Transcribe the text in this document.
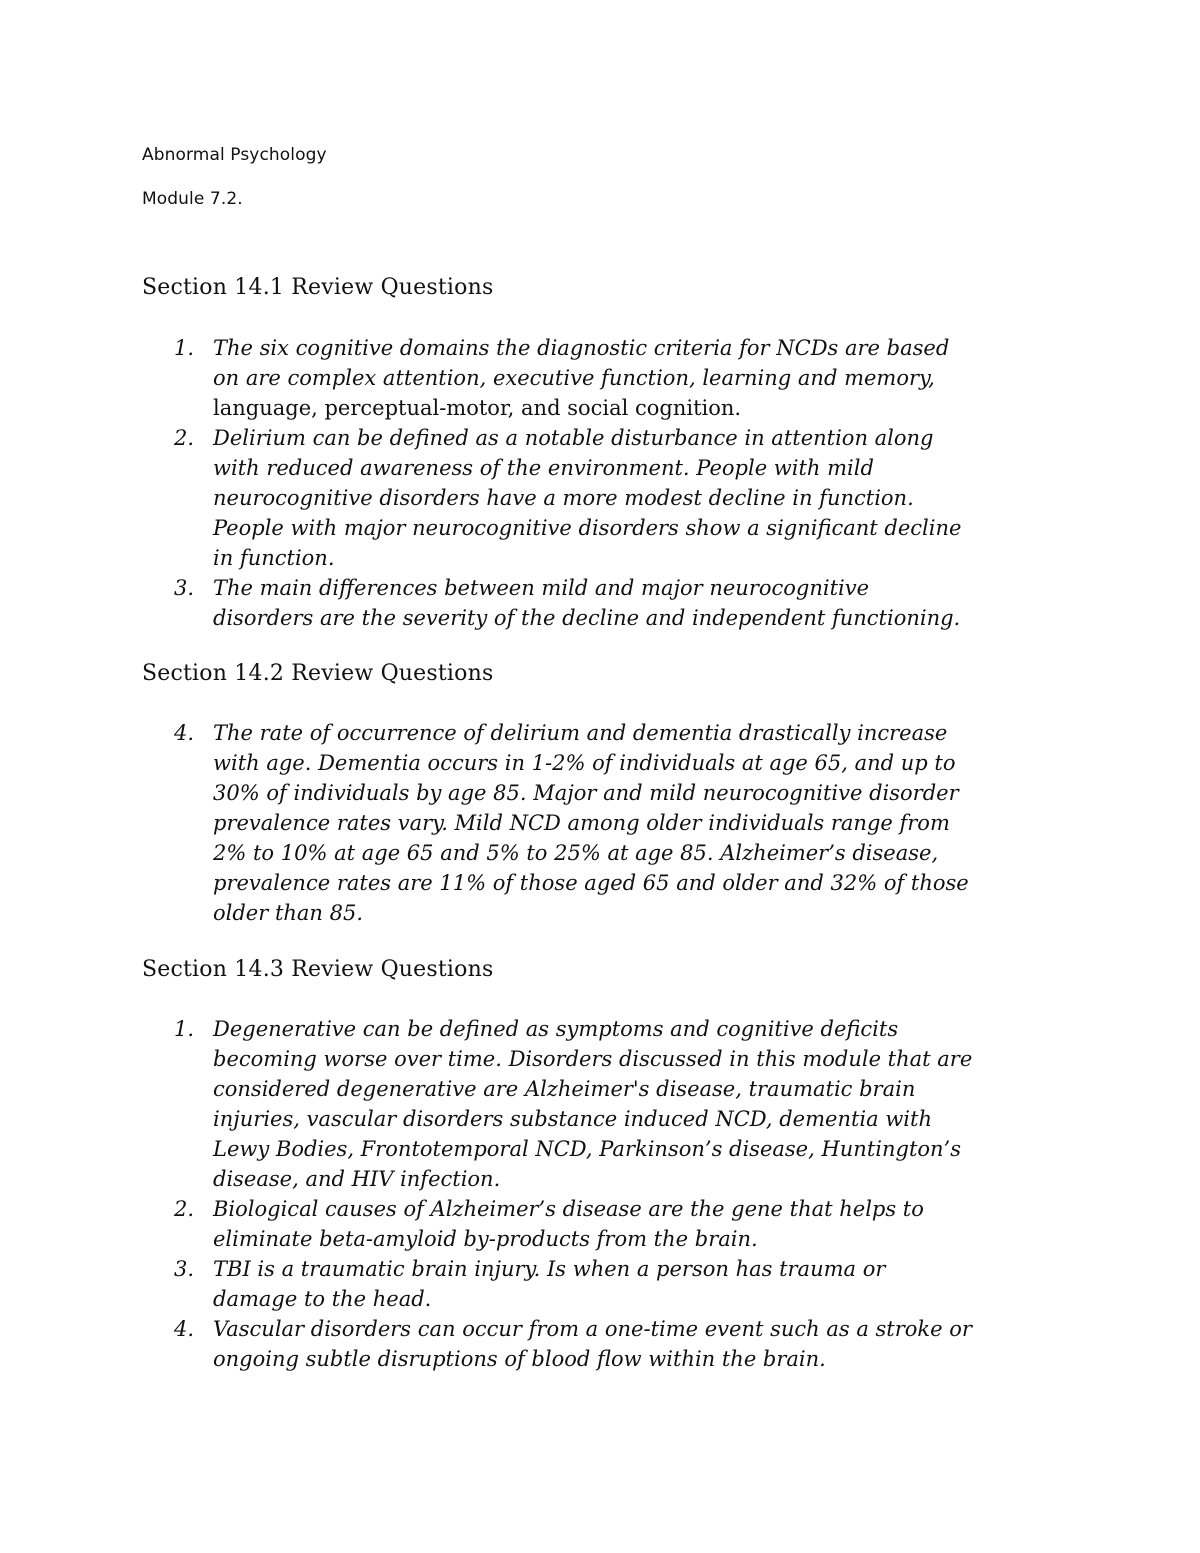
Abnormal Psychology
Module 7.2.
Section 14.1 Review Questions
1. The six cognitive domains the diagnostic criteria for NCDs are based
on are complex attention, executive function, learning and memory,
language, perceptual-motor, and social cognition.
2. Delirium can be defined as a notable disturbance in attention along
with reduced awareness of the environment. People with mild
neurocognitive disorders have a more modest decline in function.
People with major neurocognitive disorders show a significant decline
in function.
3. The main differences between mild and major neurocognitive
disorders are the severity of the decline and independent functioning.
Section 14.2 Review Questions
4. The rate of occurrence of delirium and dementia drastically increase
with age. Dementia occurs in 1-2% of individuals at age 65, and up to
30% of individuals by age 85. Major and mild neurocognitive disorder
prevalence rates vary. Mild NCD among older individuals range from
2% to 10% at age 65 and 5% to 25% at age 85. Alzheimer’s disease,
prevalence rates are 11% of those aged 65 and older and 32% of those
older than 85.
Section 14.3 Review Questions
1. Degenerative can be defined as symptoms and cognitive deficits
becoming worse over time. Disorders discussed in this module that are
considered degenerative are Alzheimer's disease, traumatic brain
injuries, vascular disorders substance induced NCD, dementia with
Lewy Bodies, Frontotemporal NCD, Parkinson’s disease, Huntington’s
disease, and HIV infection.
2. Biological causes of Alzheimer’s disease are the gene that helps to
eliminate beta-amyloid by-products from the brain.
3. TBI is a traumatic brain injury. Is when a person has trauma or
damage to the head.
4. Vascular disorders can occur from a one-time event such as a stroke or
ongoing subtle disruptions of blood flow within the brain.
